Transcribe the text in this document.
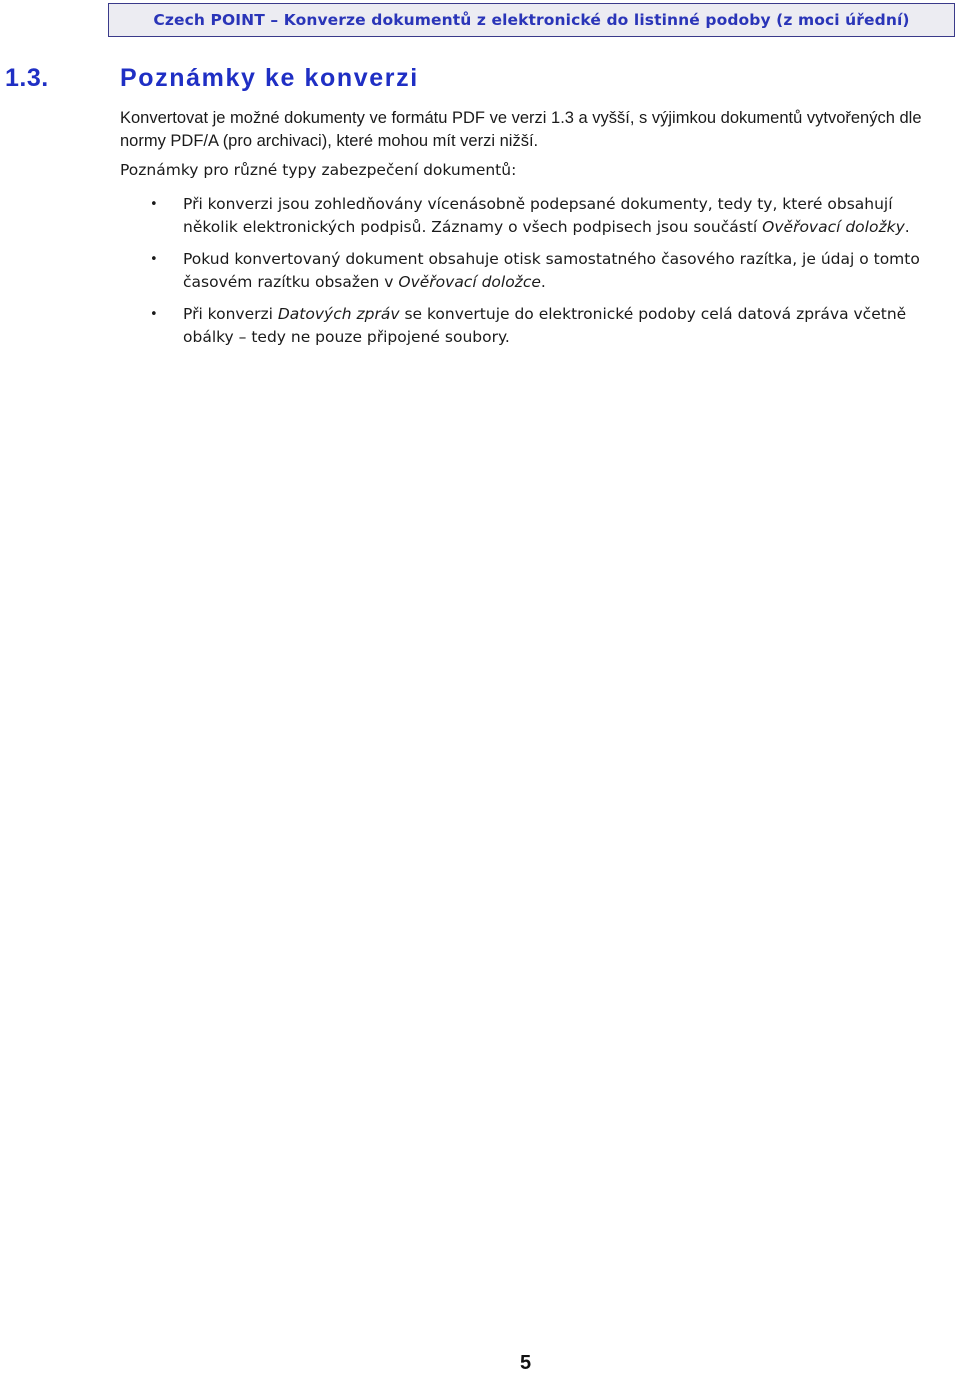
Czech POINT – Konverze dokumentů z elektronické do listinné podoby (z moci úřední)
1.3.	Poznámky ke konverzi
Konvertovat je možné dokumenty ve formátu PDF ve verzi 1.3 a vyšší, s výjimkou dokumentů vytvořených dle normy PDF/A (pro archivaci), které mohou mít verzi nižší.
Poznámky pro různé typy zabezpečení dokumentů:
• Při konverzi jsou zohledňovány vícenásobně podepsané dokumenty, tedy ty, které obsahují několik elektronických podpisů. Záznamy o všech podpisech jsou součástí Ověřovací doložky.
• Pokud konvertovaný dokument obsahuje otisk samostatného časového razítka, je údaj o tomto časovém razítku obsažen v Ověřovací doložce.
• Při konverzi Datových zpráv se konvertuje do elektronické podoby celá datová zpráva včetně obálky – tedy ne pouze připojené soubory.
5
